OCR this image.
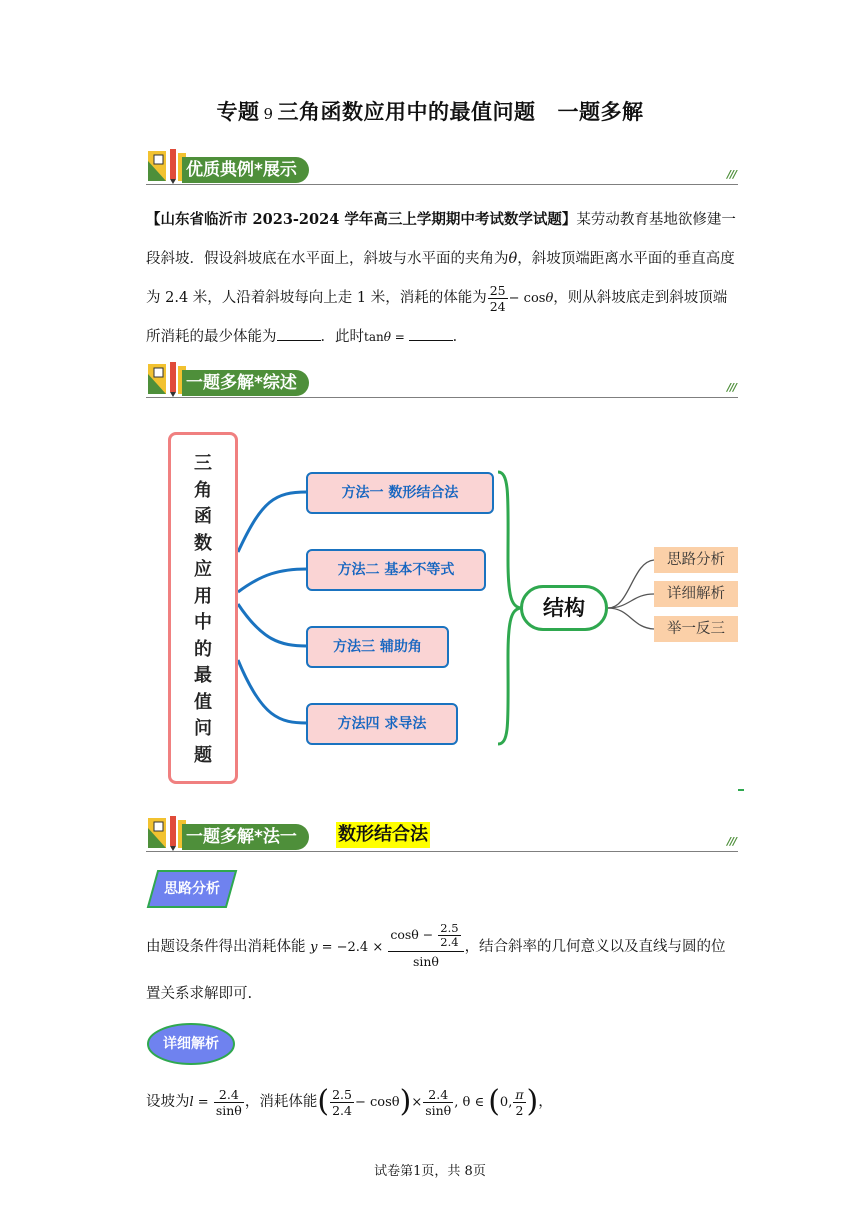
专题 9 三角函数应用中的最值问题 一题多解
优质典例*展示	///
【山东省临沂市 2023-2024 学年高三上学期期中考试数学试题】某劳动教育基地欲修建一段斜坡．假设斜坡底在水平面上，斜坡与水平面的夹角为θ，斜坡顶端距离水平面的垂直高度为 2.4 米，人沿着斜坡每向上走 1 米，消耗的体能为 $\frac{25}{24} - \cos\theta$，则从斜坡底走到斜坡顶端所消耗的最少体能为	．此时tanθ =	．
一题多解*综述	///
三
角
函
数
应
用
中
的
最
值
问
题
方法一 数形结合法
方法二 基本不等式
方法三 辅助角
方法四 求导法
结构
思路分析
详细解析
举一反三
一题多解*法一	数形结合法	///
思路分析
由题设条件得出消耗体能 $y = -2.4 \times \frac{\cos\theta - \frac{2.5}{2.4}}{\sin\theta}$ ，结合斜率的几何意义以及直线与圆的位置关系求解即可.
详细解析
设坡为$l = \frac{2.4}{\sin\theta}$ ，消耗体能( $\frac{2.5}{2.4} - \cos\theta)\times \frac{2.4}{\sin\theta}$ , θ ∈ (0, $\frac{\pi}{2}$ )，
试卷第1页，共 8页
